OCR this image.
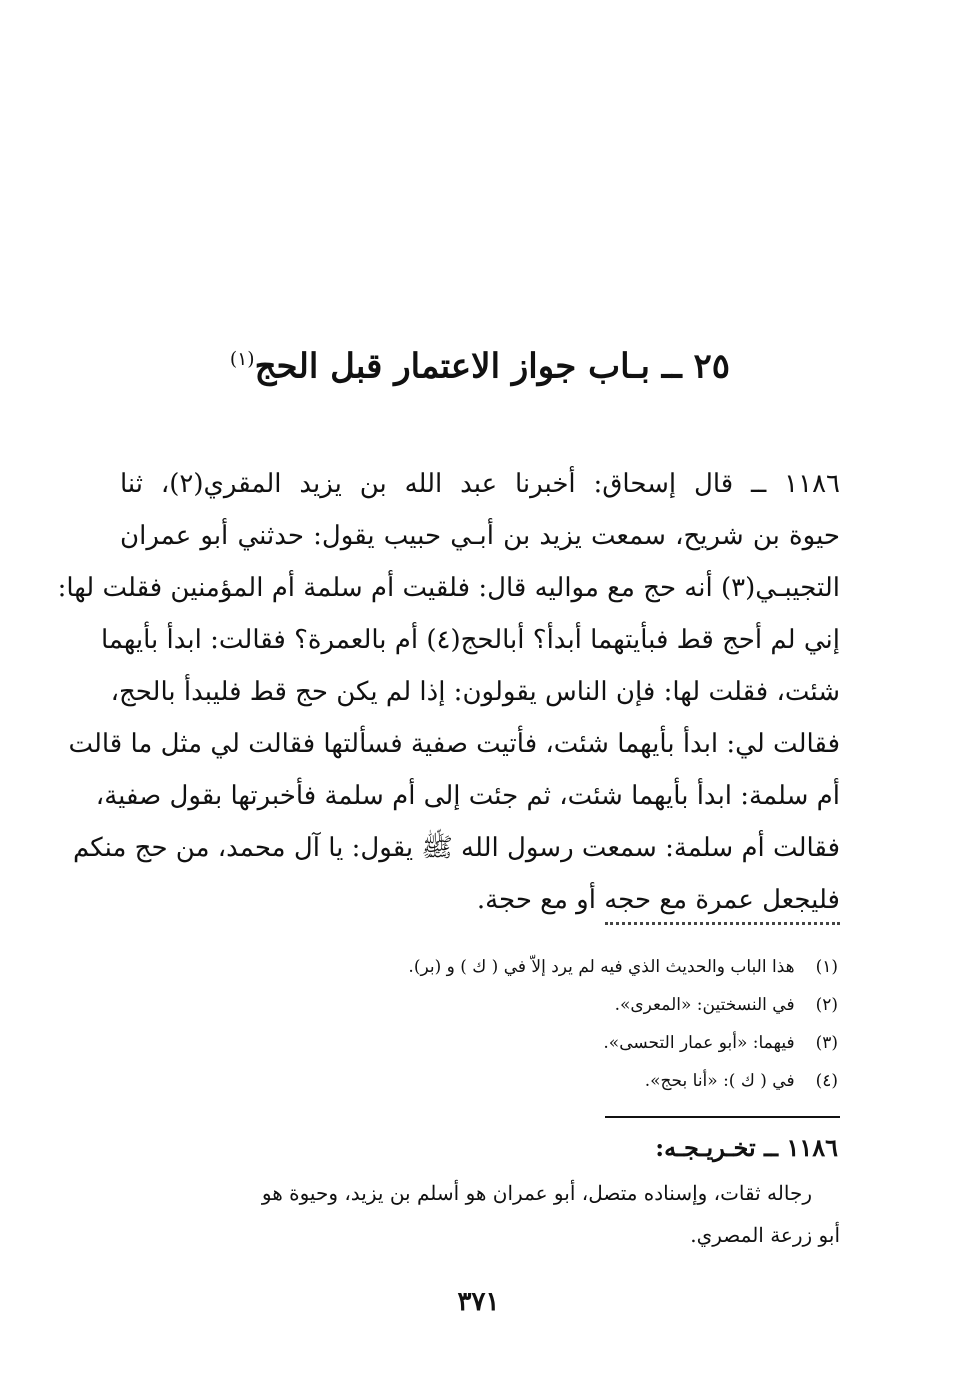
٢٥ ــ بـاب جواز الاعتمار قبل الحج$^{(١)}$
١١٨٦ ــ قال إسحاق: أخبرنا عبد الله بن يزيد المقري(٢)، ثنا
حيوة بن شريح، سمعت يزيد بن أبـي حبيب يقول: حدثني أبو عمران
التجيبـي(٣) أنه حج مع مواليه قال: فلقيت أم سلمة أم المؤمنين فقلت لها:
إني لم أحج قط فبأيتهما أبدأ؟ أبالحج(٤) أم بالعمرة؟ فقالت: ابدأ بأيهما
شئت، فقلت لها: فإن الناس يقولون: إذا لم يكن حج قط فليبدأ بالحج،
فقالت لي: ابدأ بأيهما شئت، فأتيت صفية فسألتها فقالت لي مثل ما قالت
أم سلمة: ابدأ بأيهما شئت، ثم جئت إلى أم سلمة فأخبرتها بقول صفية،
فقالت أم سلمة: سمعت رسول الله ﷺ يقول: يا آل محمد، من حج منكم
فليجعل عمرة مع حجه أو مع حجة.
(١) هذا الباب والحديث الذي فيه لم يرد إلاّ في ( ك ) و (بر).
(٢) في النسختين: «المعرى».
(٣) فيهما: «أبو عمار التحسى».
(٤) في ( ك ): «أنا بحج».
١١٨٦ ــ تخـريـجـه:
رجاله ثقات، وإسناده متصل، أبو عمران هو أسلم بن يزيد، وحيوة هو
أبو زرعة المصري.
٣٧١
